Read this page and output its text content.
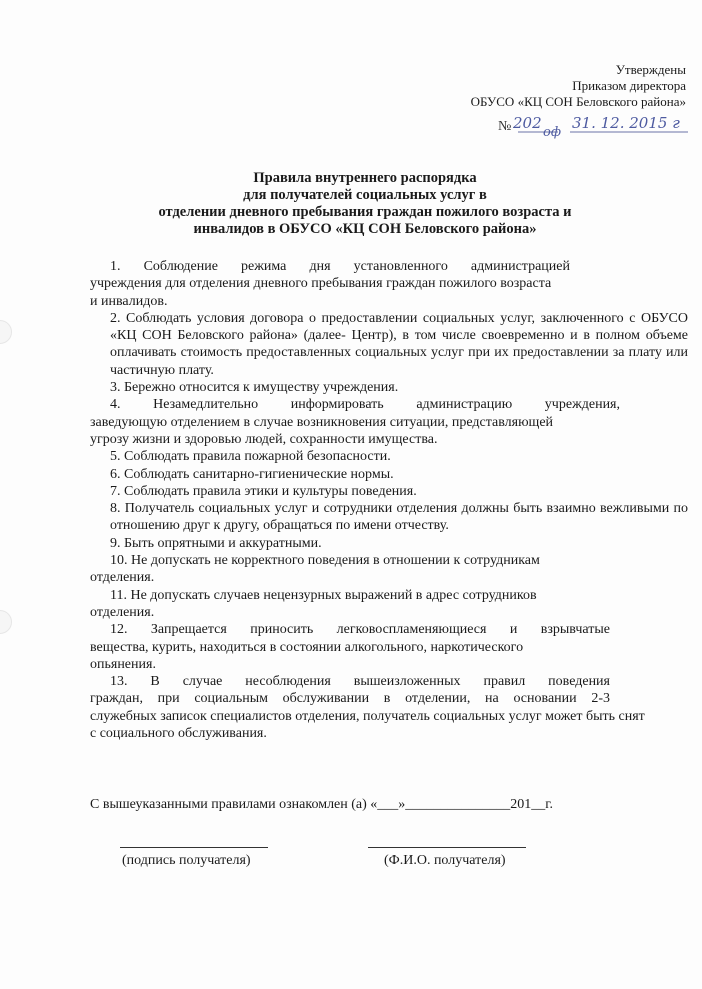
Утверждены
Приказом директора
ОБУСО «КЦ СОН Беловского района»
№ 202
оф
31. 12. 2015 г
Правила внутреннего распорядка
для получателей социальных услуг в
отделении дневного пребывания граждан пожилого возраста и
инвалидов в ОБУСО «КЦ СОН Беловского района»

1. Соблюдение режима дня установленного администрацией

учреждения для отделения дневного пребывания граждан пожилого возраста

и инвалидов.

2. Соблюдать условия договора о предоставлении социальных услуг, заключенного с ОБУСО «КЦ СОН Беловского района» (далее- Центр), в том числе своевременно и в полном объеме оплачивать стоимость предоставленных социальных услуг при их предоставлении за плату или частичную плату.

3. Бережно относится к имуществу учреждения.

4. Незамедлительно информировать администрацию учреждения,

заведующую отделением в случае возникновения ситуации, представляющей

угрозу жизни и здоровью людей, сохранности имущества.

5. Соблюдать правила пожарной безопасности.

6. Соблюдать санитарно-гигиенические нормы.

7. Соблюдать правила этики и культуры поведения.

8. Получатель социальных услуг и сотрудники отделения должны быть взаимно вежливыми по отношению друг к другу, обращаться по имени отчеству.

9. Быть опрятными и аккуратными.

10. Не допускать не корректного поведения в отношении к сотрудникам

отделения.

11. Не допускать случаев нецензурных выражений в адрес сотрудников

отделения.

12. Запрещается приносить легковоспламеняющиеся и взрывчатые

вещества, курить, находиться в состоянии алкогольного, наркотического

опьянения.

13. В случае несоблюдения вышеизложенных правил поведения

граждан, при социальным обслуживании в отделении, на основании 2-3

служебных записок специалистов отделения, получатель социальных услуг может быть снят

с социального обслуживания.

С вышеуказанными правилами ознакомлен (а) «___»_______________201__г.
(подпись получателя)	(Ф.И.О. получателя)
